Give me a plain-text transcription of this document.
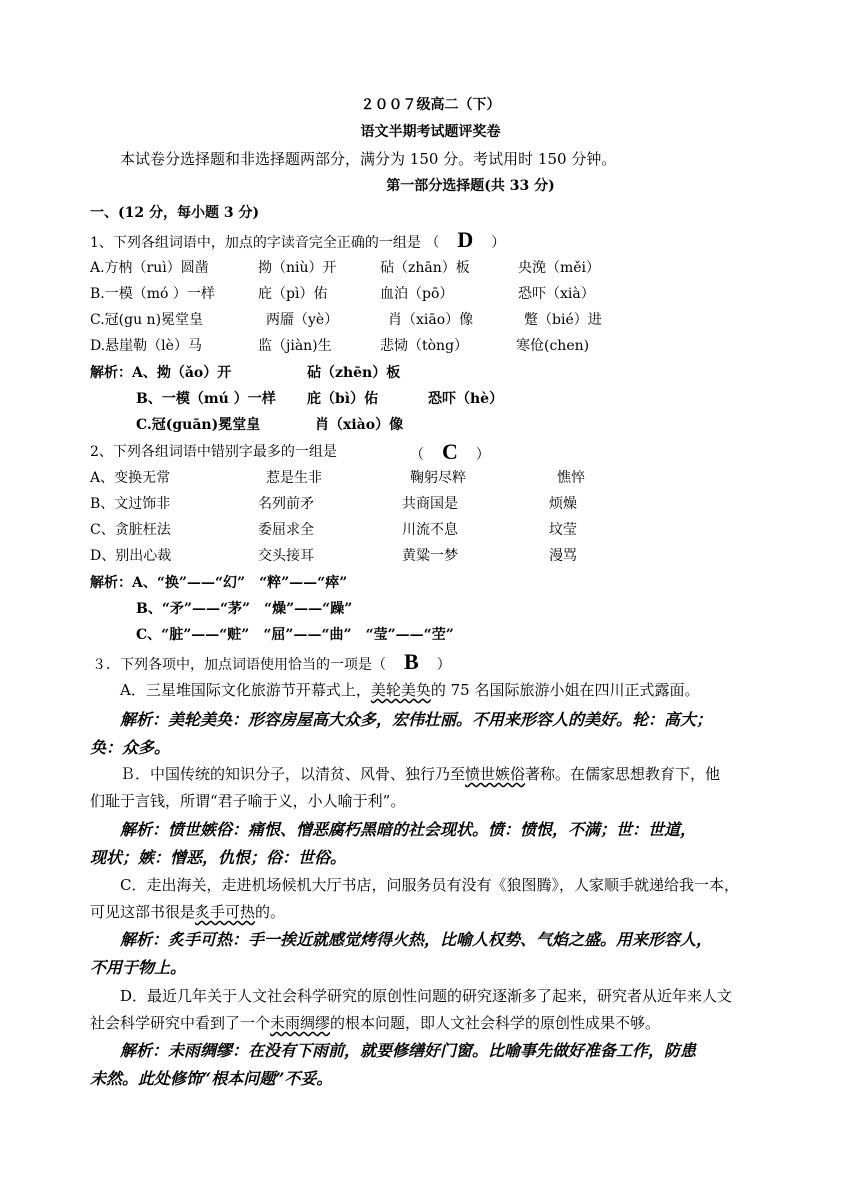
２００７级高二（下）
语文半期考试题评奖卷
本试卷分选择题和非选择题两部分，满分为 150 分。考试用时 150 分钟。
第一部分选择题(共 33 分)
一、(12 分，每小题 3 分)
1、下列各组词语中，加点的字读音完全正确的一组是 （ D ）
A.方枘（ruì）圆凿	拗（niù）开	砧（zhān）板	央浼（měi）
B.一模（mó ）一样	庇（pì）佑	血泊（pō）	恐吓（xià）
C.冠(gu n)冕堂皇	两靥（yè）	肖（xiāo）像	蹩（bié）进
D.悬崖勒（lè）马	监（jiàn)生	悲恸（tòng）	寒伧(chen)
解析：A、拗（ǎo）开	砧（zhēn）板
B、一模（mú ）一样 庇（bì）佑	恐吓（hè）
C.冠(guān)冕堂皇	肖（xiào）像
2、下列各组词语中错别字最多的一组是	（ C ）
A、变换无常	惹是生非	鞠躬尽粹	憔悴
B、文过饰非	名列前矛	共商国是	烦燥
C、贪脏枉法	委屈求全	川流不息	坟莹
D、别出心裁	交头接耳	黄粱一梦	漫骂
解析：A、“换”——“幻”　“粹”——“瘁”
B、“矛”——“茅”　“燥”——“躁”
C、“脏”——“赃”　“屈”——“曲”　“莹”——“茔”
３．下列各项中，加点词语使用恰当的一项是（ B ）
A．三星堆国际文化旅游节开幕式上，美轮美奂的 75 名国际旅游小姐在四川正式露面。
解析：美轮美奂：形容房屋高大众多，宏伟壮丽。不用来形容人的美好。轮：高大；
奂：众多。
Ｂ．中国传统的知识分子，以清贫、风骨、独行乃至愤世嫉俗著称。在儒家思想教育下，他
们耻于言钱，所谓“君子喻于义，小人喻于利”。
解析：愤世嫉俗：痛恨、憎恶腐朽黑暗的社会现状。愤：愤恨，不满；世：世道，
现状；嫉：憎恶，仇恨；俗：世俗。
C．走出海关，走进机场候机大厅书店，问服务员有没有《狼图腾》，人家顺手就递给我一本，
可见这部书很是炙手可热的。
解析：炙手可热：手一挨近就感觉烤得火热，比喻人权势、气焰之盛。用来形容人，
不用于物上。
D．最近几年关于人文社会科学研究的原创性问题的研究逐渐多了起来，研究者从近年来人文
社会科学研究中看到了一个未雨绸缪的根本问题，即人文社会科学的原创性成果不够。
解析：未雨绸缪：在没有下雨前，就要修缮好门窗。比喻事先做好准备工作，防患
未然。此处修饰“根本问题”不妥。
